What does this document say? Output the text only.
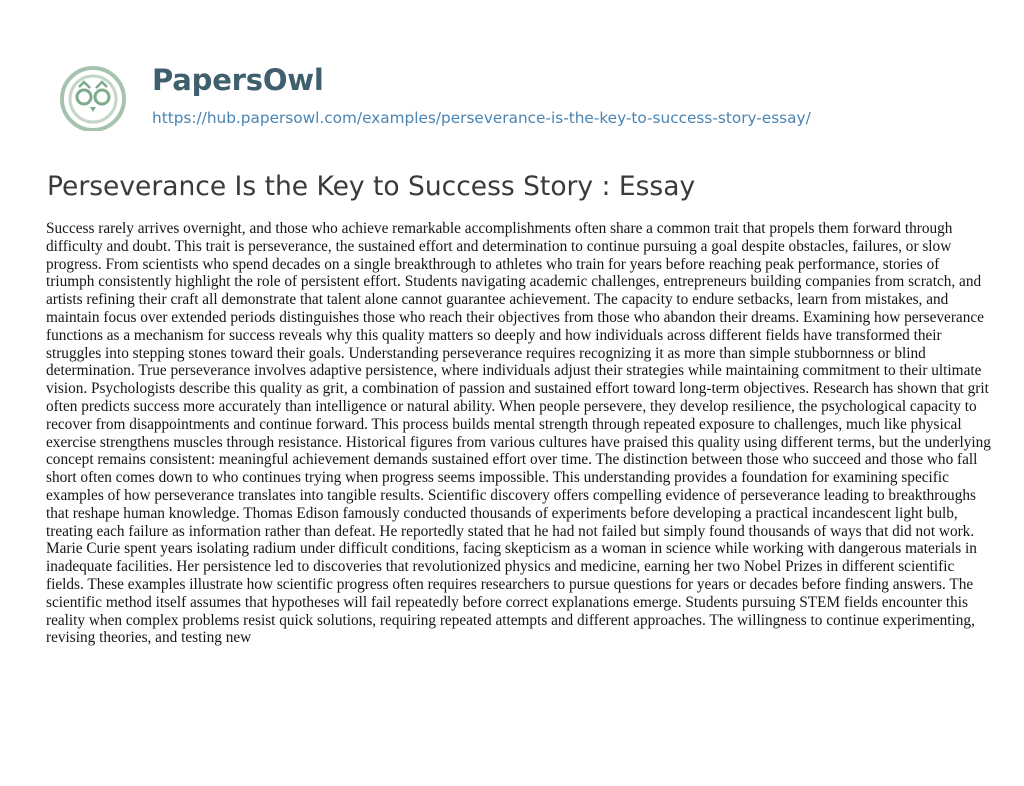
PapersOwl
https://hub.papersowl.com/examples/perseverance-is-the-key-to-success-story-essay/
Perseverance Is the Key to Success Story : Essay

Success rarely arrives overnight, and those who achieve remarkable accomplishments often share a common trait that propels them forward through difficulty and doubt. This trait is perseverance, the sustained effort and determination to continue pursuing a goal despite obstacles, failures, or slow progress. From scientists who spend decades on a single breakthrough to athletes who train for years before reaching peak performance, stories of triumph consistently highlight the role of persistent effort. Students navigating academic challenges, entrepreneurs building companies from scratch, and artists refining their craft all demonstrate that talent alone cannot guarantee achievement. The capacity to endure setbacks, learn from mistakes, and maintain focus over extended periods distinguishes those who reach their objectives from those who abandon their dreams. Examining how perseverance functions as a mechanism for success reveals why this quality matters so deeply and how individuals across different fields have transformed their struggles into stepping stones toward their goals. Understanding perseverance requires recognizing it as more than simple stubbornness or blind determination. True perseverance involves adaptive persistence, where individuals adjust their strategies while maintaining commitment to their ultimate vision. Psychologists describe this quality as grit, a combination of passion and sustained effort toward long-term objectives. Research has shown that grit often predicts success more accurately than intelligence or natural ability. When people persevere, they develop resilience, the psychological capacity to recover from disappointments and continue forward. This process builds mental strength through repeated exposure to challenges, much like physical exercise strengthens muscles through resistance. Historical figures from various cultures have praised this quality using different terms, but the underlying concept remains consistent: meaningful achievement demands sustained effort over time. The distinction between those who succeed and those who fall short often comes down to who continues trying when progress seems impossible. This understanding provides a foundation for examining specific examples of how perseverance translates into tangible results. Scientific discovery offers compelling evidence of perseverance leading to breakthroughs that reshape human knowledge. Thomas Edison famously conducted thousands of experiments before developing a practical incandescent light bulb, treating each failure as information rather than defeat. He reportedly stated that he had not failed but simply found thousands of ways that did not work. Marie Curie spent years isolating radium under difficult conditions, facing skepticism as a woman in science while working with dangerous materials in inadequate facilities. Her persistence led to discoveries that revolutionized physics and medicine, earning her two Nobel Prizes in different scientific fields. These examples illustrate how scientific progress often requires researchers to pursue questions for years or decades before finding answers. The scientific method itself assumes that hypotheses will fail repeatedly before correct explanations emerge. Students pursuing STEM fields encounter this reality when complex problems resist quick solutions, requiring repeated attempts and different approaches. The willingness to continue experimenting, revising theories, and testing new
